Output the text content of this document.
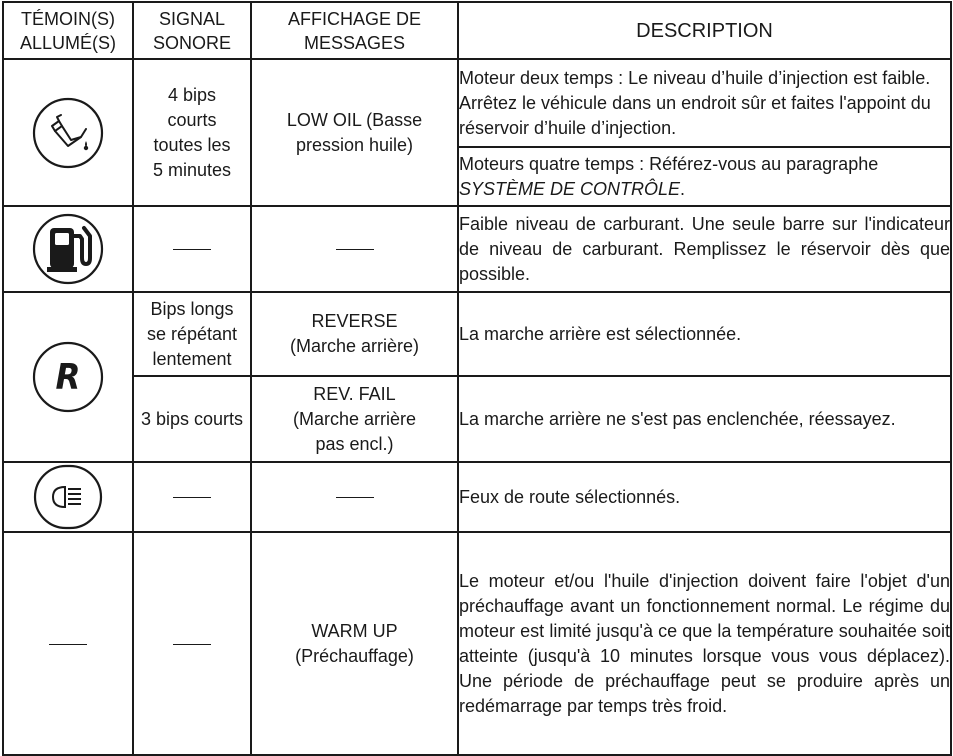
TÉMOIN(S) ALLUMÉ(S)	SIGNAL SONORE	AFFICHAGE DE MESSAGES	DESCRIPTION

	4 bips courts toutes les 5 minutes	LOW OIL (Basse pression huile)	Moteur deux temps : Le niveau d’huile d’injection est faible. Arrêtez le véhicule dans un endroit sûr et faites l'appoint du réservoir d’huile d’injection.
			Moteurs quatre temps : Référez-vous au paragraphe SYSTÈME DE CONTRÔLE.

			Faible niveau de carburant. Une seule barre sur l'indicateur de niveau de carburant. Remplissez le réservoir dès que possible.

R	Bips longs se répétant lentement	REVERSE (Marche arrière)	La marche arrière est sélectionnée.
	3 bips courts	REV. FAIL (Marche arrière pas encl.)	La marche arrière ne s'est pas enclenchée, réessayez.

			Feux de route sélectionnés.
		WARM UP (Préchauffage)	Le moteur et/ou l'huile d'injection doivent faire l'objet d'un préchauffage avant un fonctionnement normal. Le régime du moteur est limité jusqu'à ce que la température souhaitée soit atteinte (jusqu'à 10 minutes lorsque vous vous déplacez). Une période de préchauffage peut se produire après un redémarrage par temps très froid.
